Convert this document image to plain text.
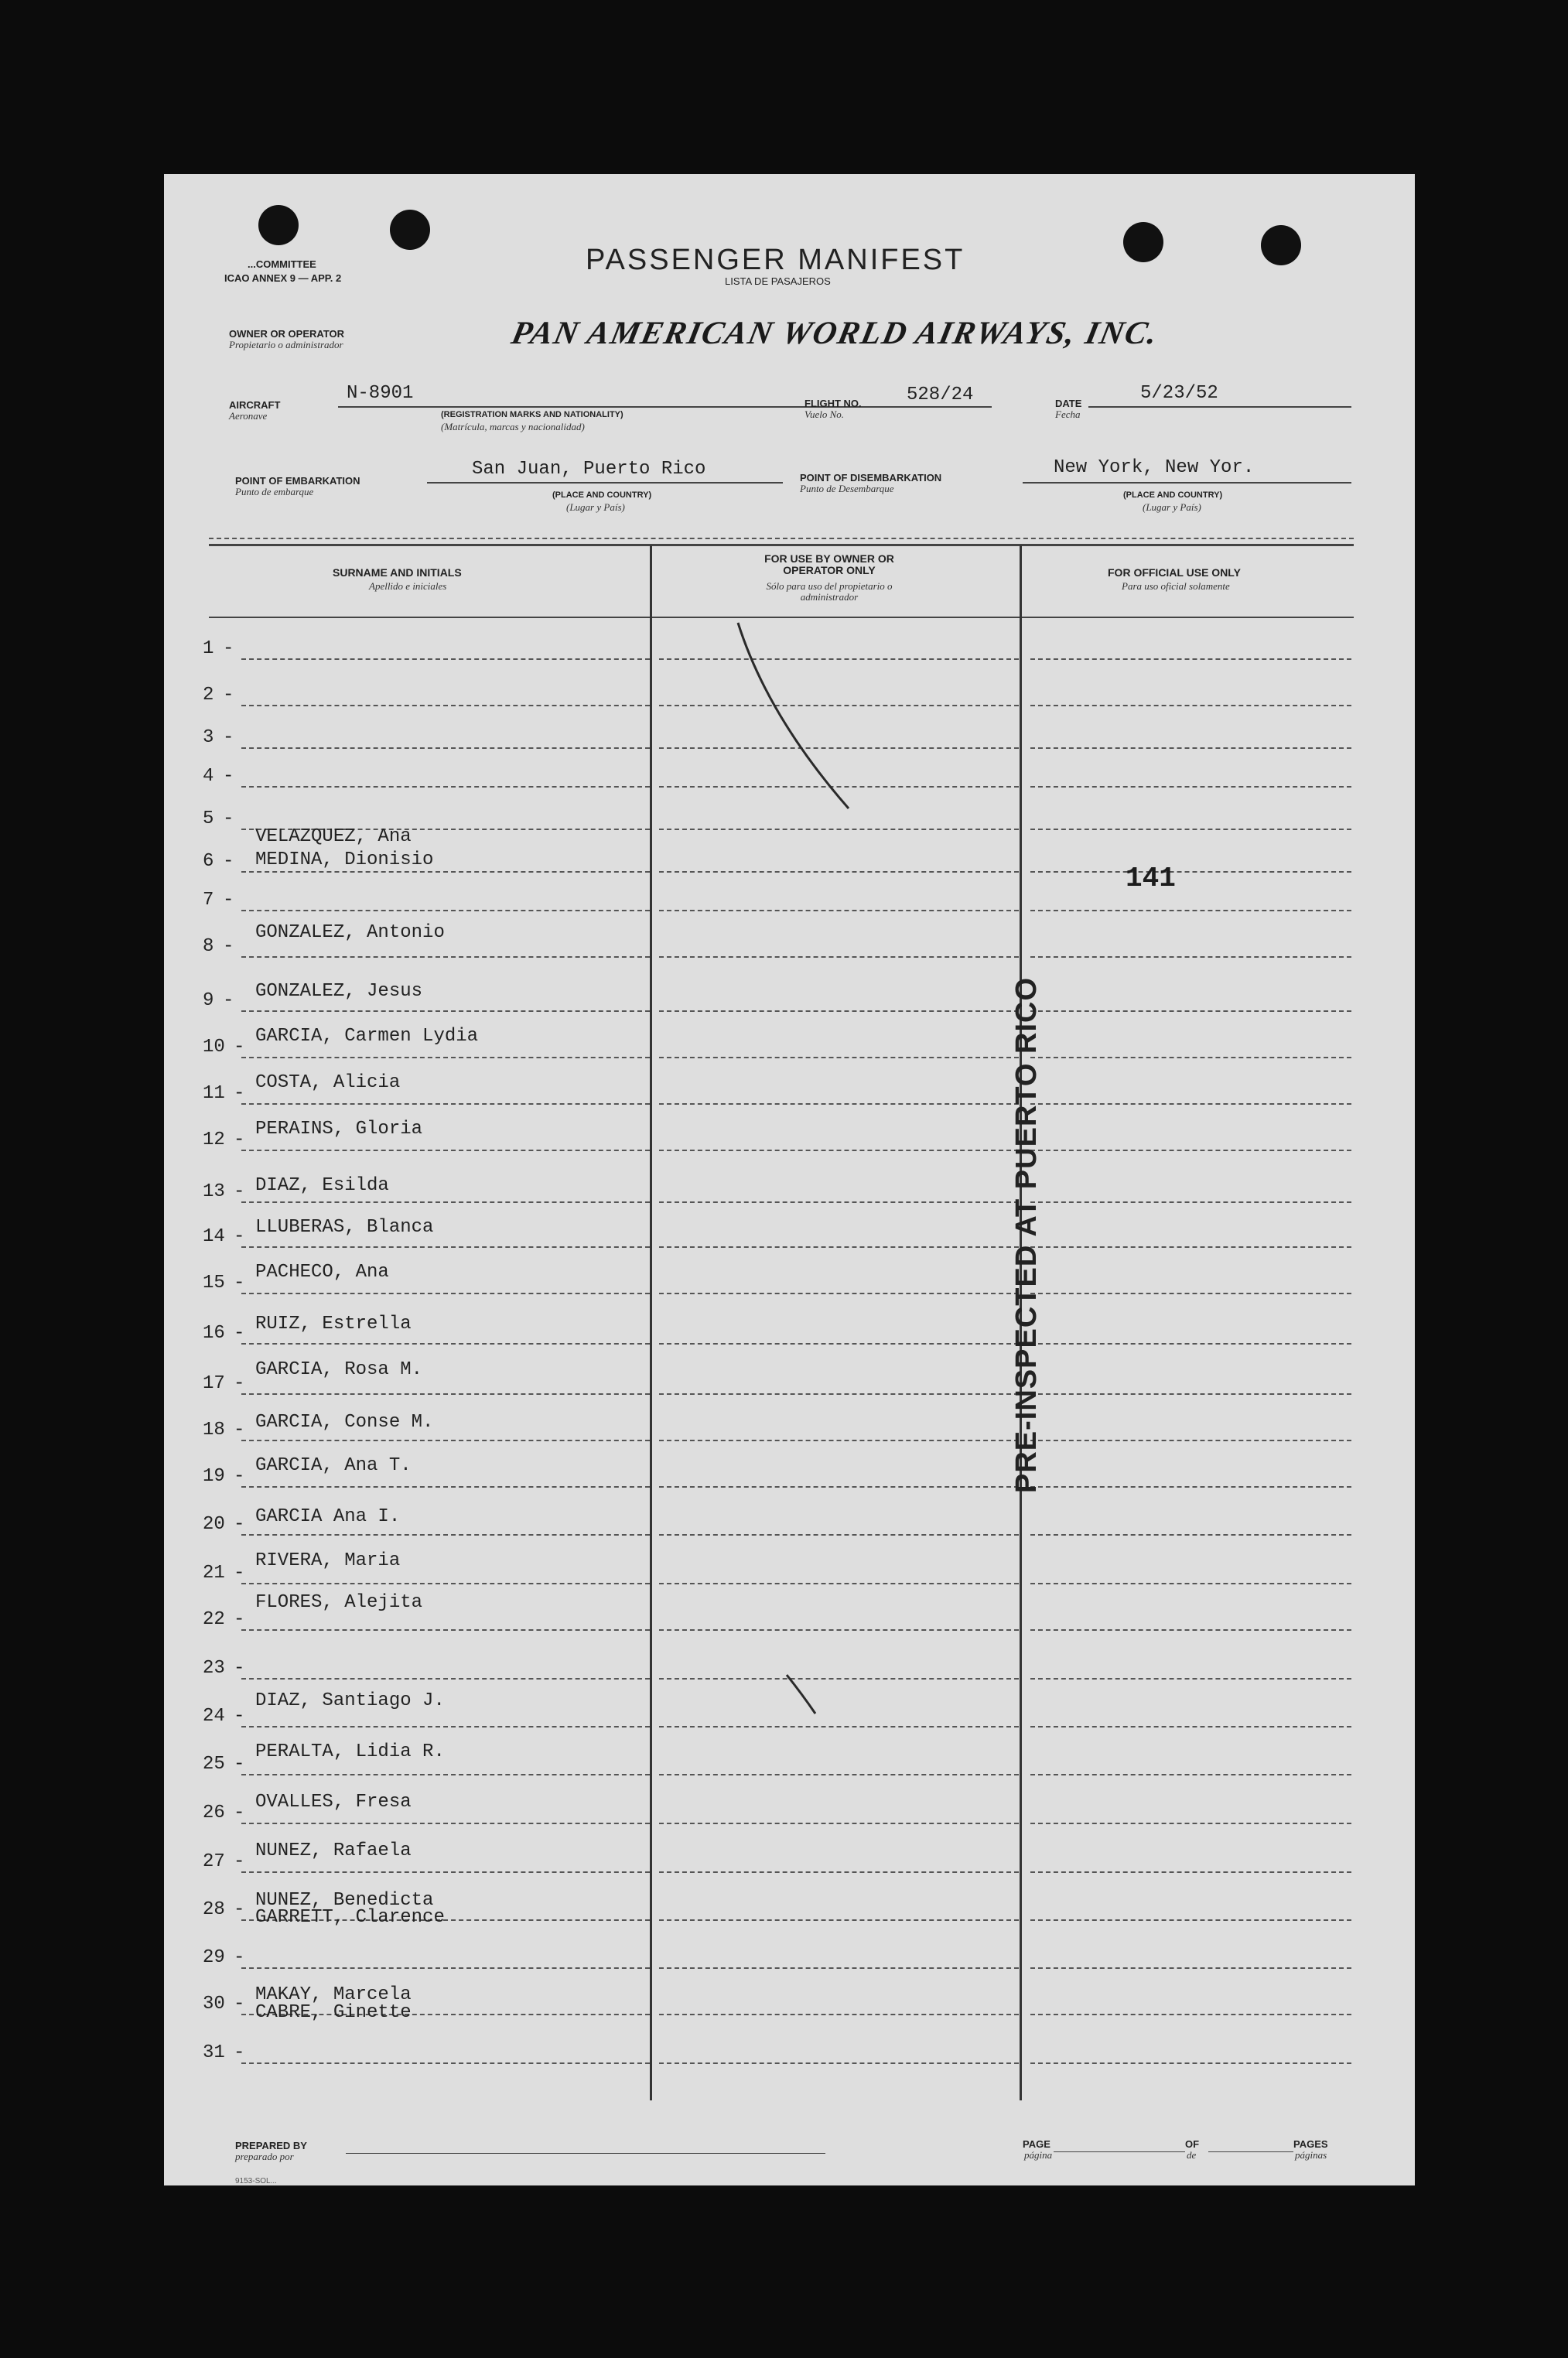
...COMMITTEE
ICAO ANNEX 9 — APP. 2
PASSENGER MANIFEST
LISTA DE PASAJEROS
OWNER OR OPERATOR
Propietario o administrador	PAN AMERICAN WORLD AIRWAYS, INC.
AIRCRAFT
Aeronave
N-8901
(REGISTRATION MARKS AND NATIONALITY)
(Matrícula, marcas y nacionalidad)
FLIGHT NO.
Vuelo No.
528/24	DATE
Fecha
5/23/52
POINT OF EMBARKATION
Punto de embarque
San Juan, Puerto Rico
(PLACE AND COUNTRY)
(Lugar y País)
POINT OF DISEMBARKATION
Punto de Desembarque
New York, New Yor.
(PLACE AND COUNTRY)
(Lugar y País)
SURNAME AND INITIALS
Apellido e iniciales
FOR USE BY OWNER OR OPERATOR ONLY
Sólo para uso del propietario o administrador
FOR OFFICIAL USE ONLY
Para uso oficial solamente
1 -
2 -
3 -
4 -
5 -
6 -
VELAZQUEZ, Ana
7 -
MEDINA, Dionisio
8 -
GONZALEZ, Antonio
9 - GONZALEZ, Jesus
10 -
GARCIA, Carmen Lydia
11 -
COSTA, Alicia
12 -
PERAINS, Gloria
13 - DIAZ, Esilda
14 - LLUBERAS, Blanca
15 -
PACHECO, Ana
16 - RUIZ, Estrella
17 -
GARCIA, Rosa M.
18 - GARCIA, Conse M.
19 -
GARCIA, Ana T.
20 - GARCIA Ana I.
21 -
RIVERA, Maria
22 -
FLORES, Alejita
23 -
24 -
DIAZ, Santiago J.
25 -
PERALTA, Lidia R.
26 -
OVALLES, Fresa
27 -
NUNEZ, Rafaela
28 - NUNEZ, Benedicta
29 -
GARRETT, Clarence
30 - MAKAY, Marcela
31 -
CABRE, Ginette
141
PRE-INSPECTED AT PUERTO RICO
PREPARED BY
preparado por
PAGE
página
OF
de
PAGES
páginas
9153-SOL...
